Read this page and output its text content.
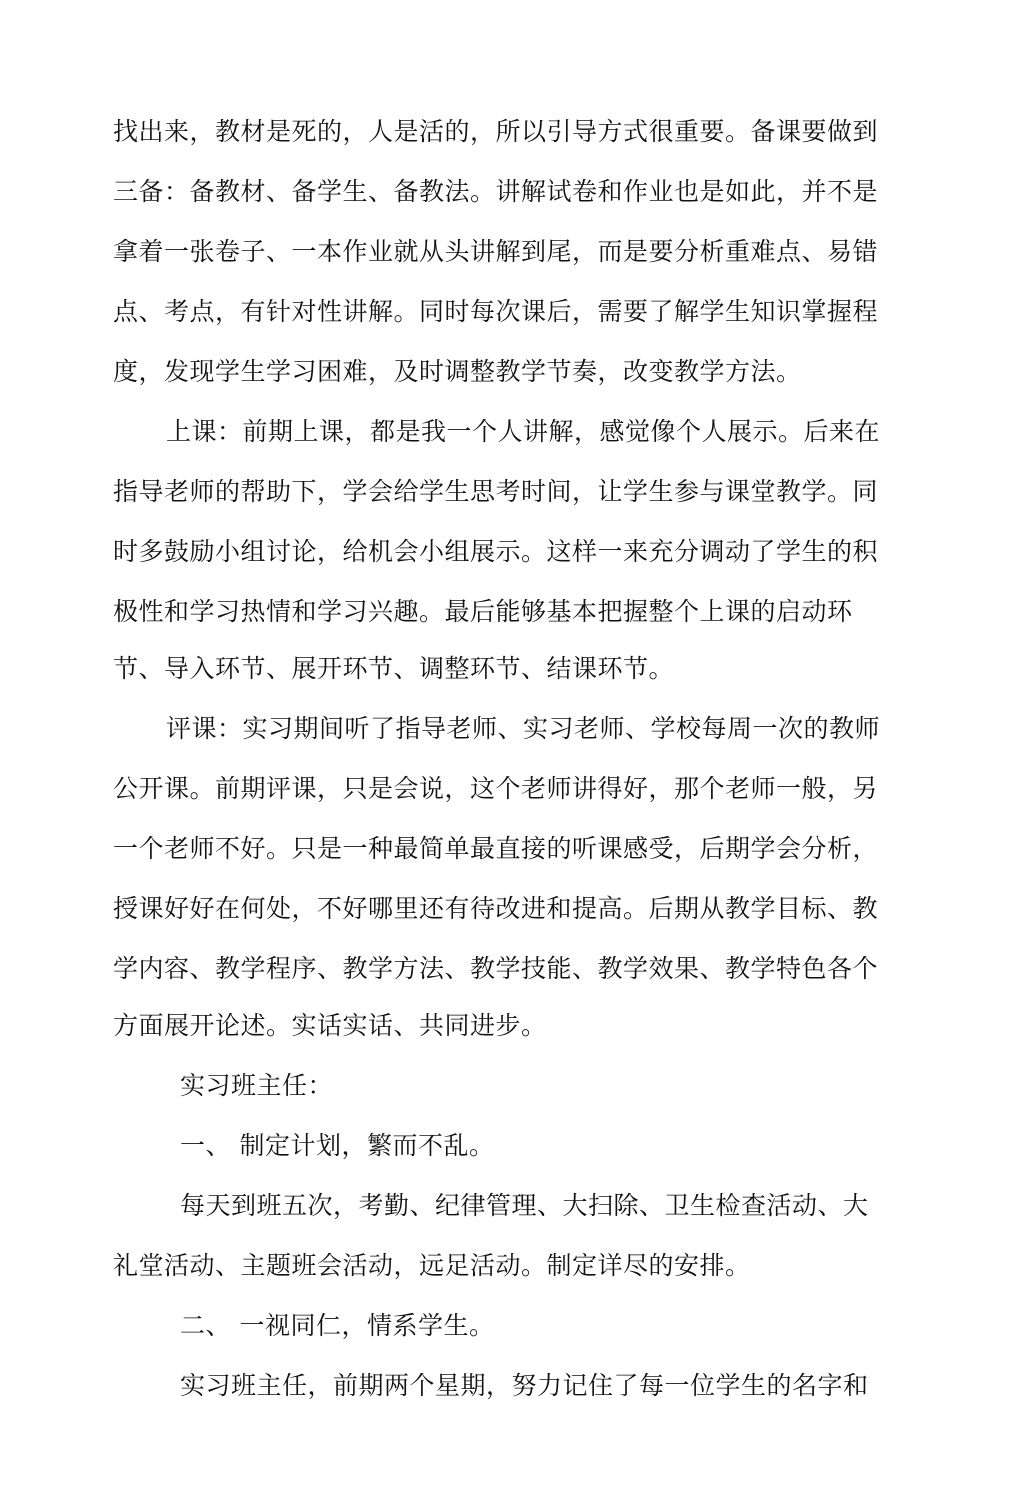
找出来，教材是死的，人是活的，所以引导方式很重要。备课要做到
三备：备教材、备学生、备教法。讲解试卷和作业也是如此，并不是
拿着一张卷子、一本作业就从头讲解到尾，而是要分析重难点、易错
点、考点，有针对性讲解。同时每次课后，需要了解学生知识掌握程
度，发现学生学习困难，及时调整教学节奏，改变教学方法。
上课：前期上课，都是我一个人讲解，感觉像个人展示。后来在
指导老师的帮助下，学会给学生思考时间，让学生参与课堂教学。同
时多鼓励小组讨论，给机会小组展示。这样一来充分调动了学生的积
极性和学习热情和学习兴趣。最后能够基本把握整个上课的启动环
节、导入环节、展开环节、调整环节、结课环节。
评课：实习期间听了指导老师、实习老师、学校每周一次的教师
公开课。前期评课，只是会说，这个老师讲得好，那个老师一般，另
一个老师不好。只是一种最简单最直接的听课感受，后期学会分析，
授课好好在何处，不好哪里还有待改进和提高。后期从教学目标、教
学内容、教学程序、教学方法、教学技能、教学效果、教学特色各个
方面展开论述。实话实话、共同进步。
实习班主任：
一、 制定计划，繁而不乱。
每天到班五次，考勤、纪律管理、大扫除、卫生检查活动、大
礼堂活动、主题班会活动，远足活动。制定详尽的安排。
二、 一视同仁，情系学生。
实习班主任，前期两个星期，努力记住了每一位学生的名字和
